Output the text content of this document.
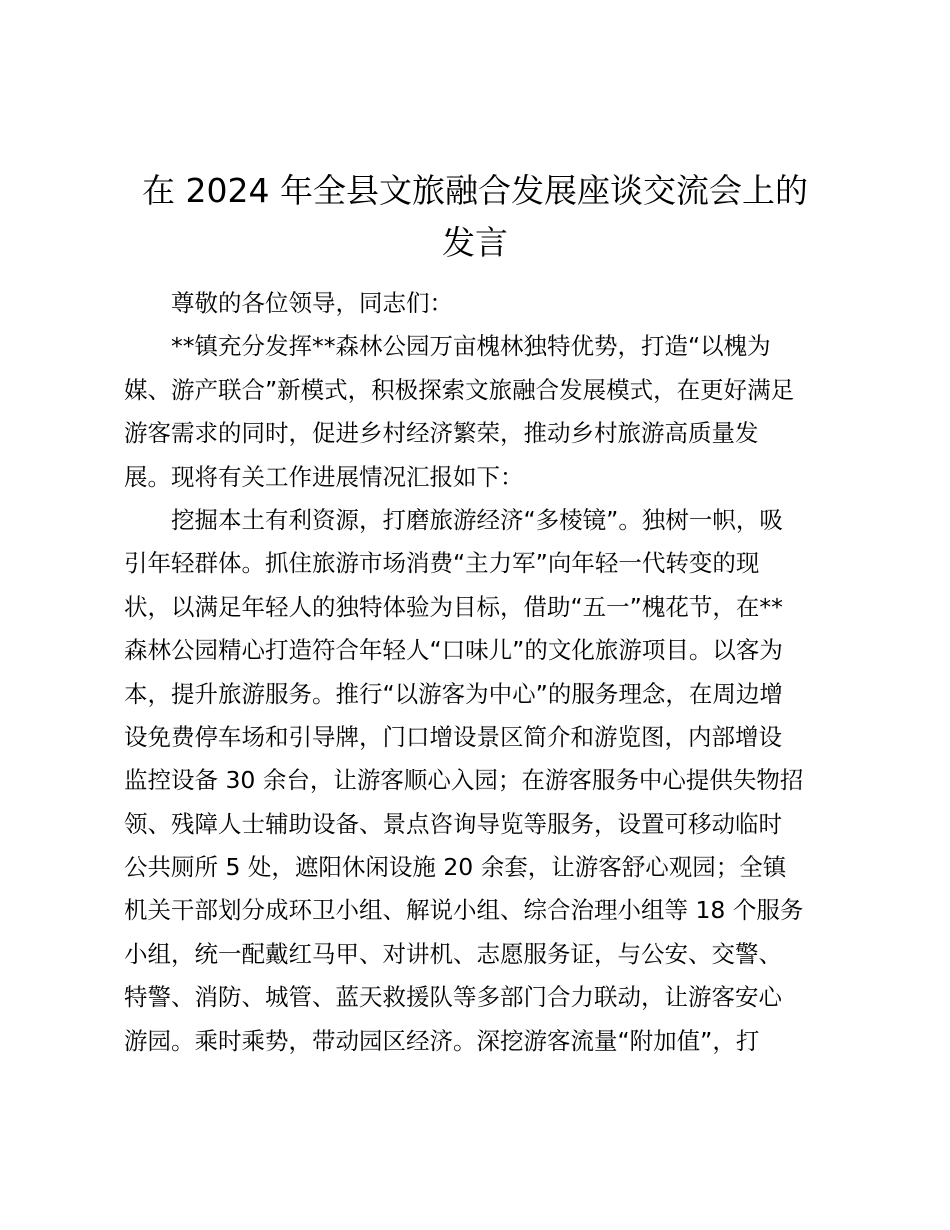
在 2024 年全县文旅融合发展座谈交流会上的
发言
　　尊敬的各位领导，同志们：
　　**镇充分发挥**森林公园万亩槐林独特优势，打造“以槐为
媒、游产联合”新模式，积极探索文旅融合发展模式，在更好满足
游客需求的同时，促进乡村经济繁荣，推动乡村旅游高质量发
展。现将有关工作进展情况汇报如下：
　　挖掘本土有利资源，打磨旅游经济“多棱镜”。独树一帜，吸
引年轻群体。抓住旅游市场消费“主力军”向年轻一代转变的现
状，以满足年轻人的独特体验为目标，借助“五一”槐花节，在**
森林公园精心打造符合年轻人“口味儿”的文化旅游项目。以客为
本，提升旅游服务。推行“以游客为中心”的服务理念，在周边增
设免费停车场和引导牌，门口增设景区简介和游览图，内部增设
监控设备 30 余台，让游客顺心入园；在游客服务中心提供失物招
领、残障人士辅助设备、景点咨询导览等服务，设置可移动临时
公共厕所 5 处，遮阳休闲设施 20 余套，让游客舒心观园；全镇
机关干部划分成环卫小组、解说小组、综合治理小组等 18 个服务
小组，统一配戴红马甲、对讲机、志愿服务证，与公安、交警、
特警、消防、城管、蓝天救援队等多部门合力联动，让游客安心
游园。乘时乘势，带动园区经济。深挖游客流量“附加值”，打
